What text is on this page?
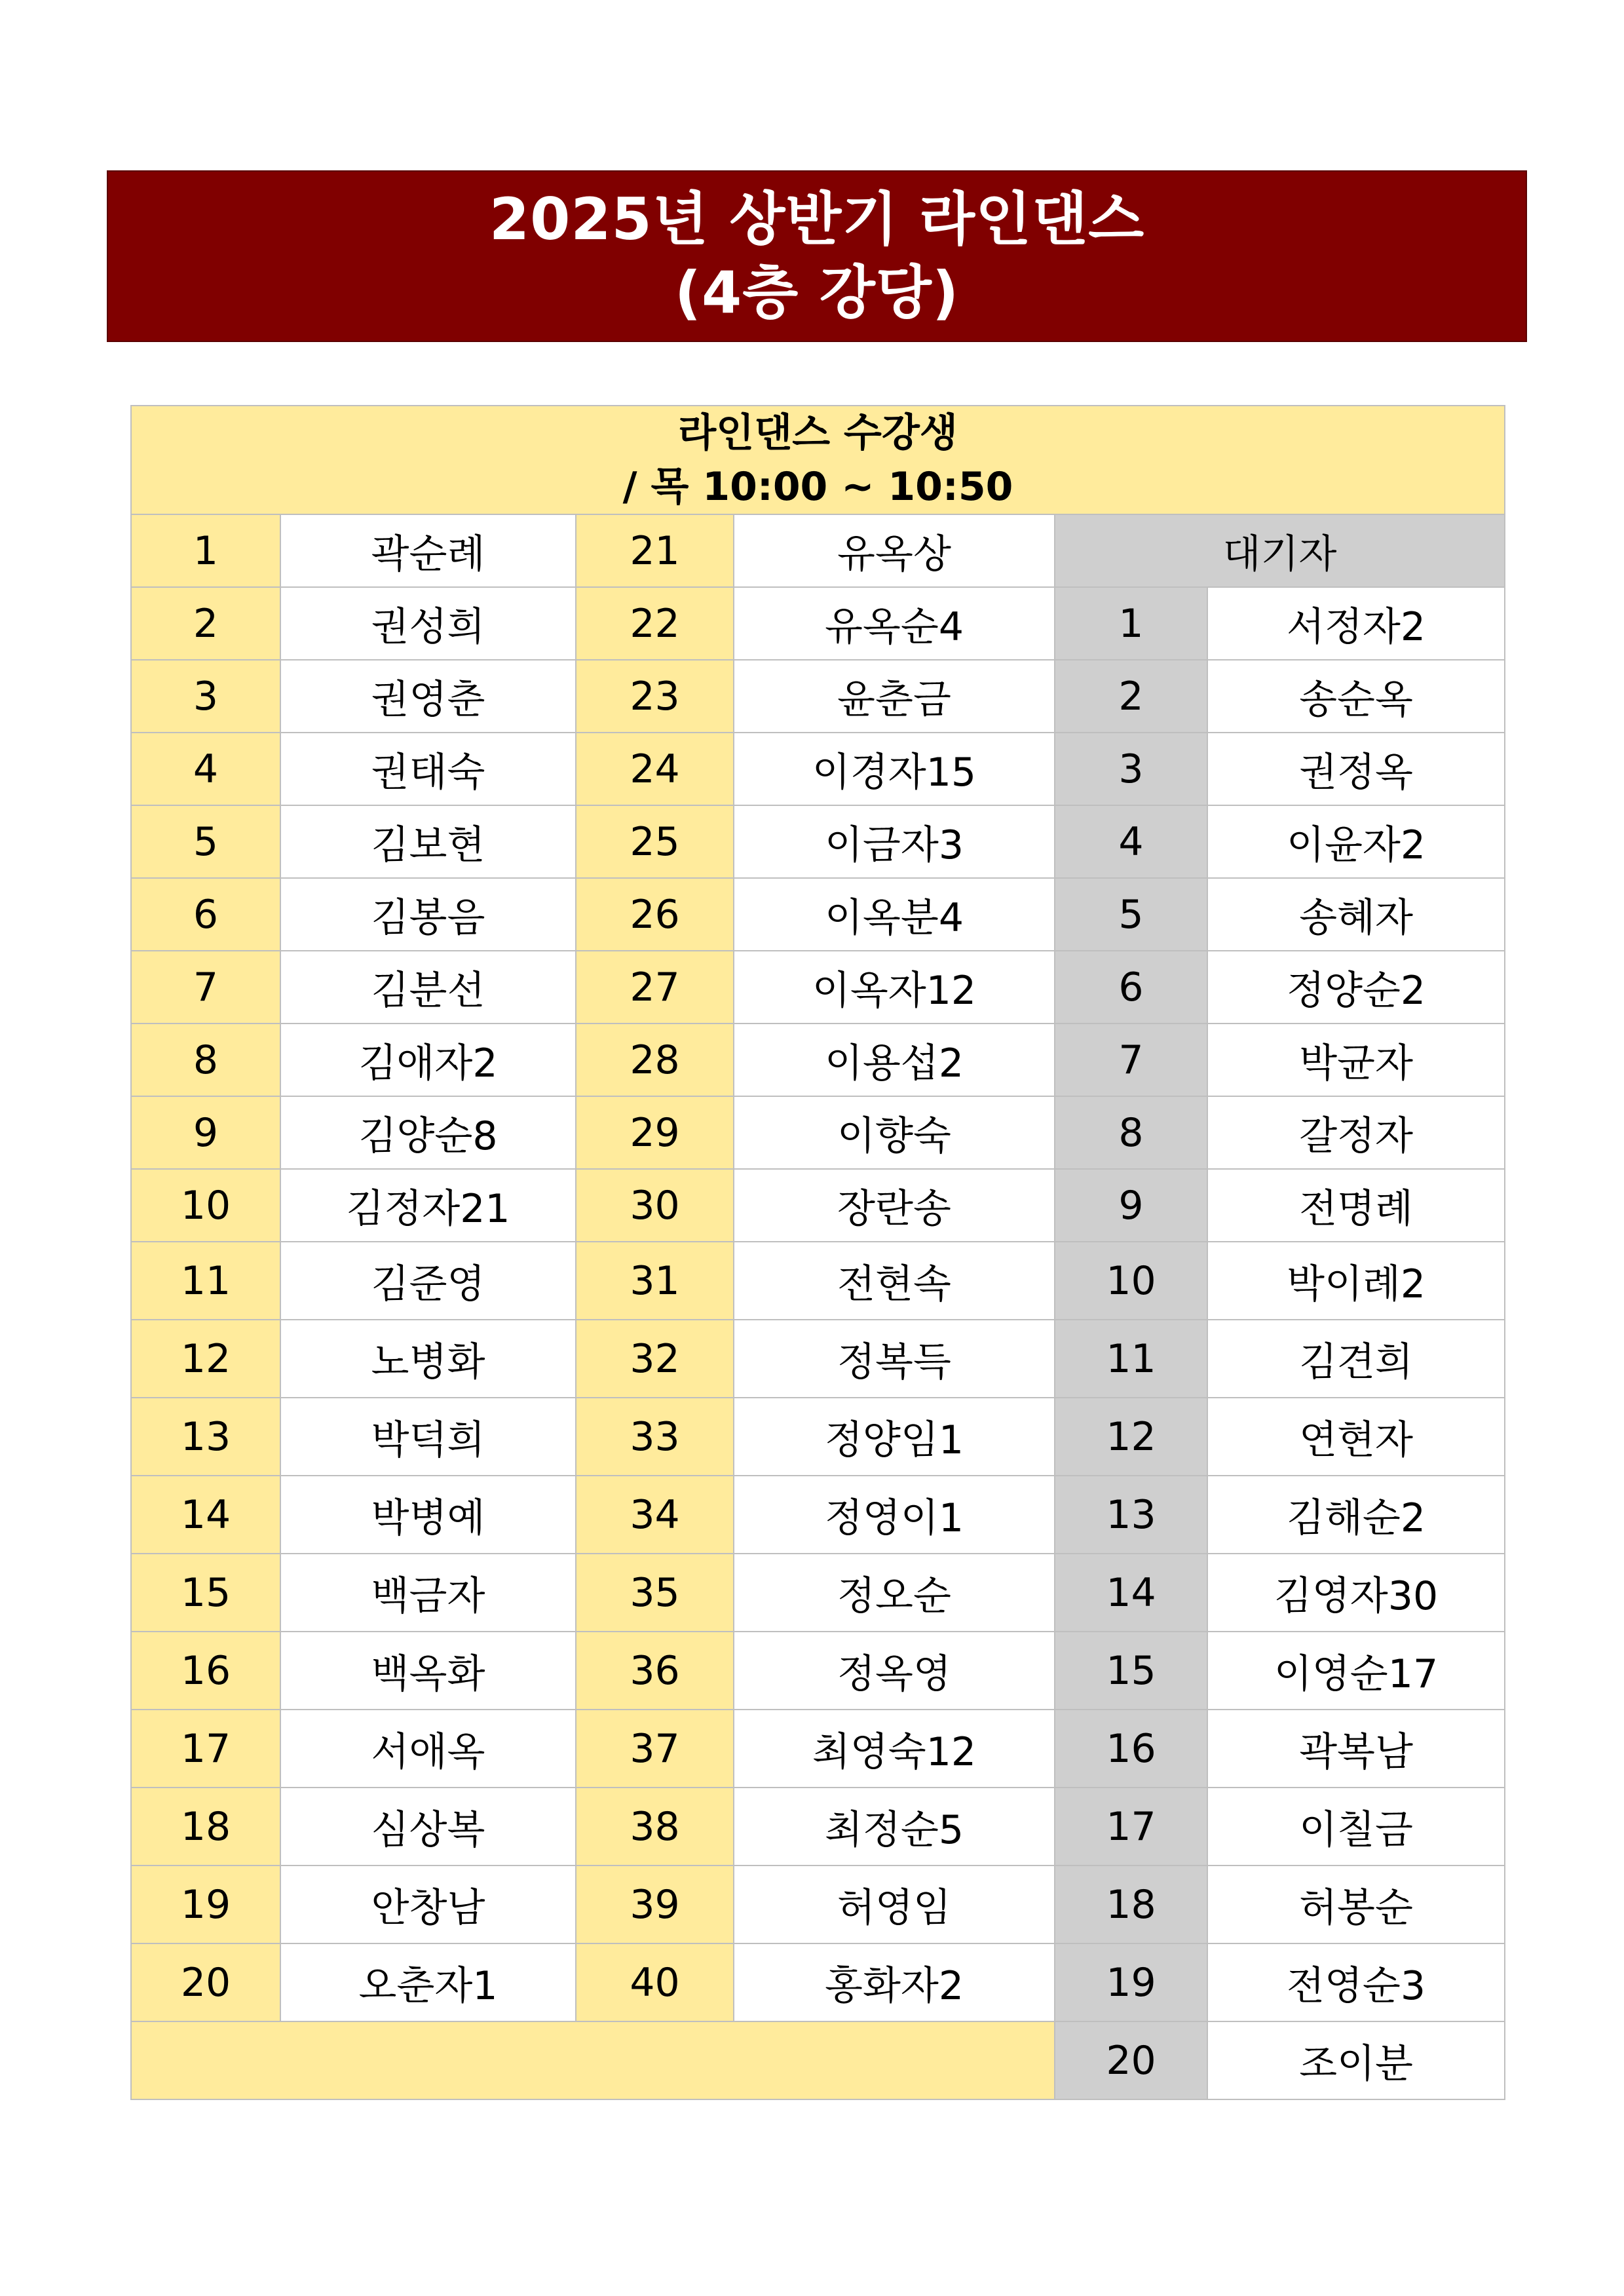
2025년 상반기 라인댄스
(4층 강당)
라인댄스 수강생
/ 목 10:00 ~ 10:50					

1	곽순례	21	유옥상	대기자	
2	권성희	22	유옥순4	1	서정자2
3	권영춘	23	윤춘금	2	송순옥
4	권태숙	24	이경자15	3	권정옥
5	김보현	25	이금자3	4	이윤자2
6	김봉음	26	이옥분4	5	송혜자
7	김분선	27	이옥자12	6	정양순2
8	김애자2	28	이용섭2	7	박균자
9	김양순8	29	이향숙	8	갈정자
10	김정자21	30	장란송	9	전명례
11	김준영	31	전현속	10	박이례2
12	노병화	32	정복득	11	김견희
13	박덕희	33	정양임1	12	연현자
14	박병예	34	정영이1	13	김해순2
15	백금자	35	정오순	14	김영자30
16	백옥화	36	정옥영	15	이영순17
17	서애옥	37	최영숙12	16	곽복남
18	심상복	38	최정순5	17	이칠금
19	안창남	39	허영임	18	허봉순
20	오춘자1	40	홍화자2	19	전영순3
				20	조이분
